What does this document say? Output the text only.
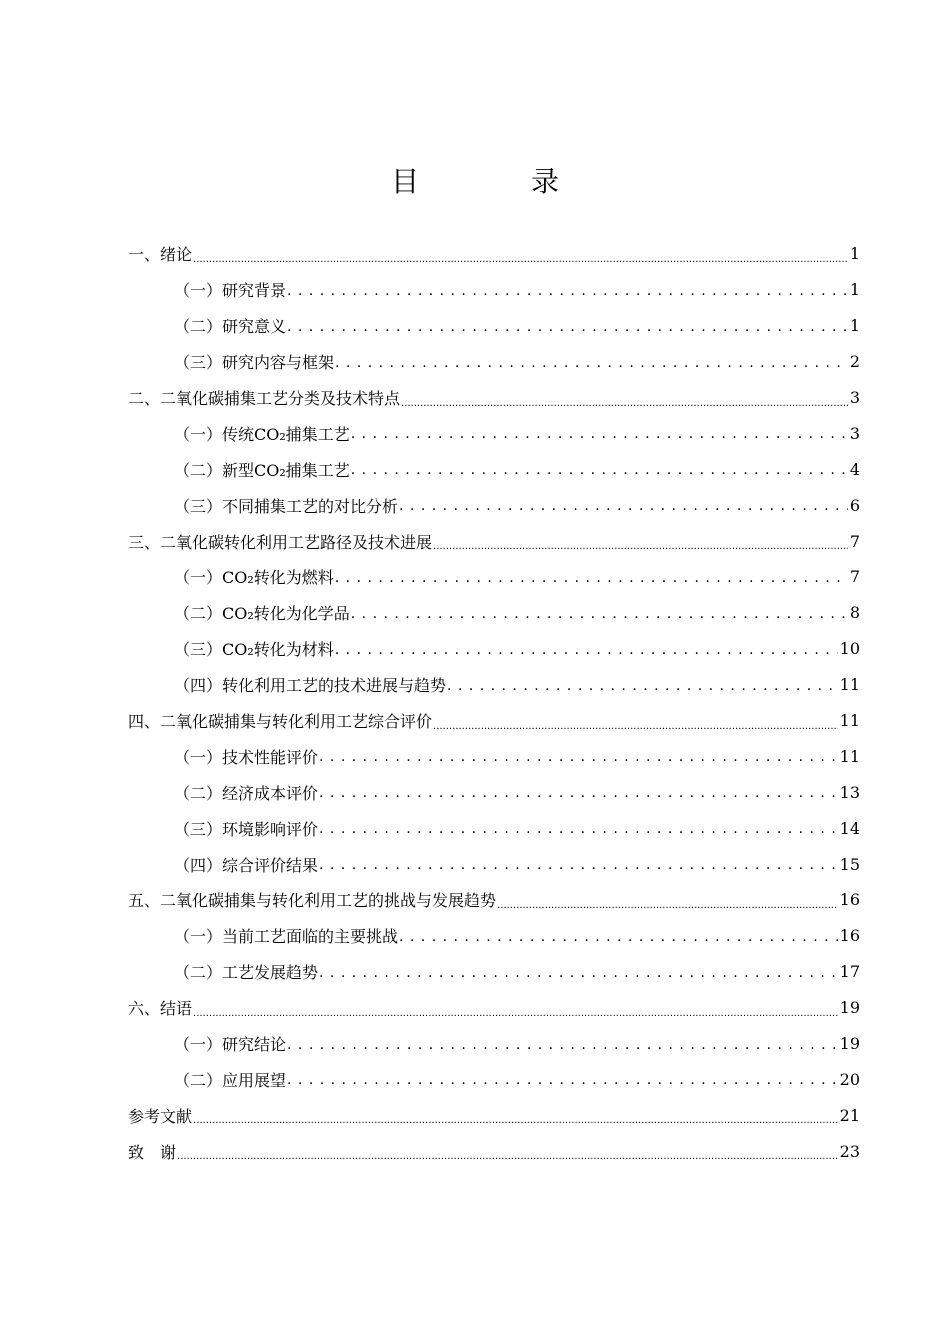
目　录
一、绪论 .....	1
（一）研究背景 . . .	1
（二）研究意义 . . .	1
（三）研究内容与框架 . . .	2
二、二氧化碳捕集工艺分类及技术特点 .....	3
（一）传统CO₂捕集工艺 . . .	3
（二）新型CO₂捕集工艺 . . .	4
（三）不同捕集工艺的对比分析 . . .	6
三、二氧化碳转化利用工艺路径及技术进展 .....	7
（一）CO₂转化为燃料 . . .	7
（二）CO₂转化为化学品 . . .	8
（三）CO₂转化为材料 . . .	10
（四）转化利用工艺的技术进展与趋势 . . .	11
四、二氧化碳捕集与转化利用工艺综合评价 .....	11
（一）技术性能评价 . . .	11
（二）经济成本评价 . . .	13
（三）环境影响评价 . . .	14
（四）综合评价结果 . . .	15
五、二氧化碳捕集与转化利用工艺的挑战与发展趋势 .....	16
（一）当前工艺面临的主要挑战 . . .	16
（二）工艺发展趋势 . . .	17
六、结语 .....	19
（一）研究结论 . . .	19
（二）应用展望 . . .	20
参考文献 .....	21
致　谢 .....	23
